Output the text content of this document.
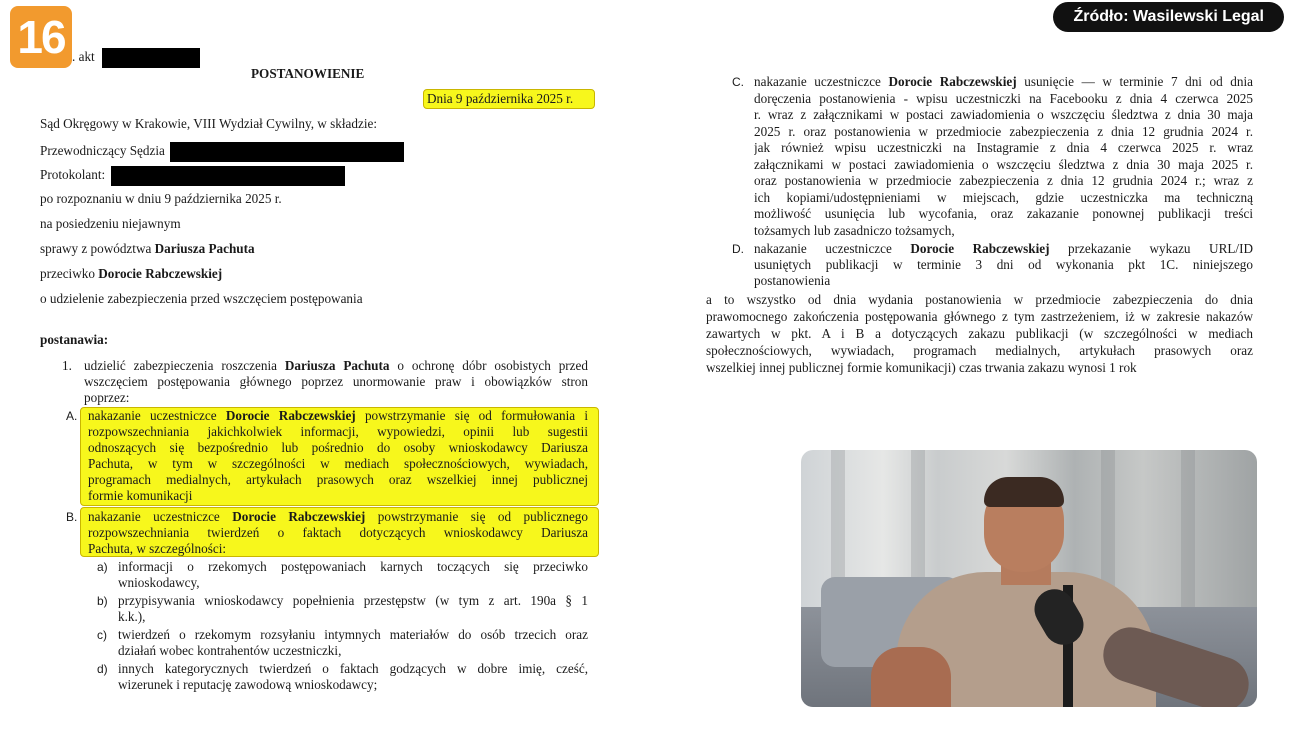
16	Źródło: Wasilewski Legal
. akt
POSTANOWIENIE
Dnia 9 października 2025 r.
Sąd Okręgowy w Krakowie, VIII Wydział Cywilny, w składzie:
Przewodniczący Sędzia
Protokolant:
po rozpoznaniu w dniu 9 października 2025 r.
na posiedzeniu niejawnym
sprawy z powództwa Dariusza Pachuta
przeciwko Dorocie Rabczewskiej
o udzielenie zabezpieczenia przed wszczęciem postępowania
postanawia:
1. udzielić zabezpieczenia roszczenia Dariusza Pachuta o ochronę dóbr osobistych przed
wszczęciem postępowania głównego poprzez unormowanie praw i obowiązków stron
poprzez:
A. nakazanie uczestniczce Dorocie Rabczewskiej powstrzymanie się od formułowania i
rozpowszechniania jakichkolwiek informacji, wypowiedzi, opinii lub sugestii
odnoszących się bezpośrednio lub pośrednio do osoby wnioskodawcy Dariusza
Pachuta, w tym w szczególności w mediach społecznościowych, wywiadach,
programach medialnych, artykułach prasowych oraz wszelkiej innej publicznej
formie komunikacji
B. nakazanie uczestniczce Dorocie Rabczewskiej powstrzymanie się od publicznego
rozpowszechniania twierdzeń o faktach dotyczących wnioskodawcy Dariusza
Pachuta, w szczególności:
a) informacji o rzekomych postępowaniach karnych toczących się przeciwko
wnioskodawcy,
b) przypisywania wnioskodawcy popełnienia przestępstw (w tym z art. 190a § 1
k.k.),
c) twierdzeń o rzekomym rozsyłaniu intymnych materiałów do osób trzecich oraz
działań wobec kontrahentów uczestniczki,
d) innych kategorycznych twierdzeń o faktach godzących w dobre imię, cześć,
wizerunek i reputację zawodową wnioskodawcy;
C. nakazanie uczestniczce Dorocie Rabczewskiej usunięcie — w terminie 7 dni od dnia
doręczenia postanowienia - wpisu uczestniczki na Facebooku z dnia 4 czerwca 2025
r. wraz z załącznikami w postaci zawiadomienia o wszczęciu śledztwa z dnia 30 maja
2025 r. oraz postanowienia w przedmiocie zabezpieczenia z dnia 12 grudnia 2024 r.
jak również wpisu uczestniczki na Instagramie z dnia 4 czerwca 2025 r. wraz
załącznikami w postaci zawiadomienia o wszczęciu śledztwa z dnia 30 maja 2025 r.
oraz postanowienia w przedmiocie zabezpieczenia z dnia 12 grudnia 2024 r.; wraz z
ich kopiami/udostępnieniami w miejscach, gdzie uczestniczka ma techniczną
możliwość usunięcia lub wycofania, oraz zakazanie ponownej publikacji treści
tożsamych lub zasadniczo tożsamych,
D. nakazanie uczestniczce Dorocie Rabczewskiej przekazanie wykazu URL/ID
usuniętych publikacji w terminie 3 dni od wykonania pkt 1C. niniejszego
postanowienia
a to wszystko od dnia wydania postanowienia w przedmiocie zabezpieczenia do dnia
prawomocnego zakończenia postępowania głównego z tym zastrzeżeniem, iż w zakresie nakazów
zawartych w pkt. A i B a dotyczących zakazu publikacji (w szczególności w mediach
społecznościowych, wywiadach, programach medialnych, artykułach prasowych oraz
wszelkiej innej publicznej formie komunikacji) czas trwania zakazu wynosi 1 rok
